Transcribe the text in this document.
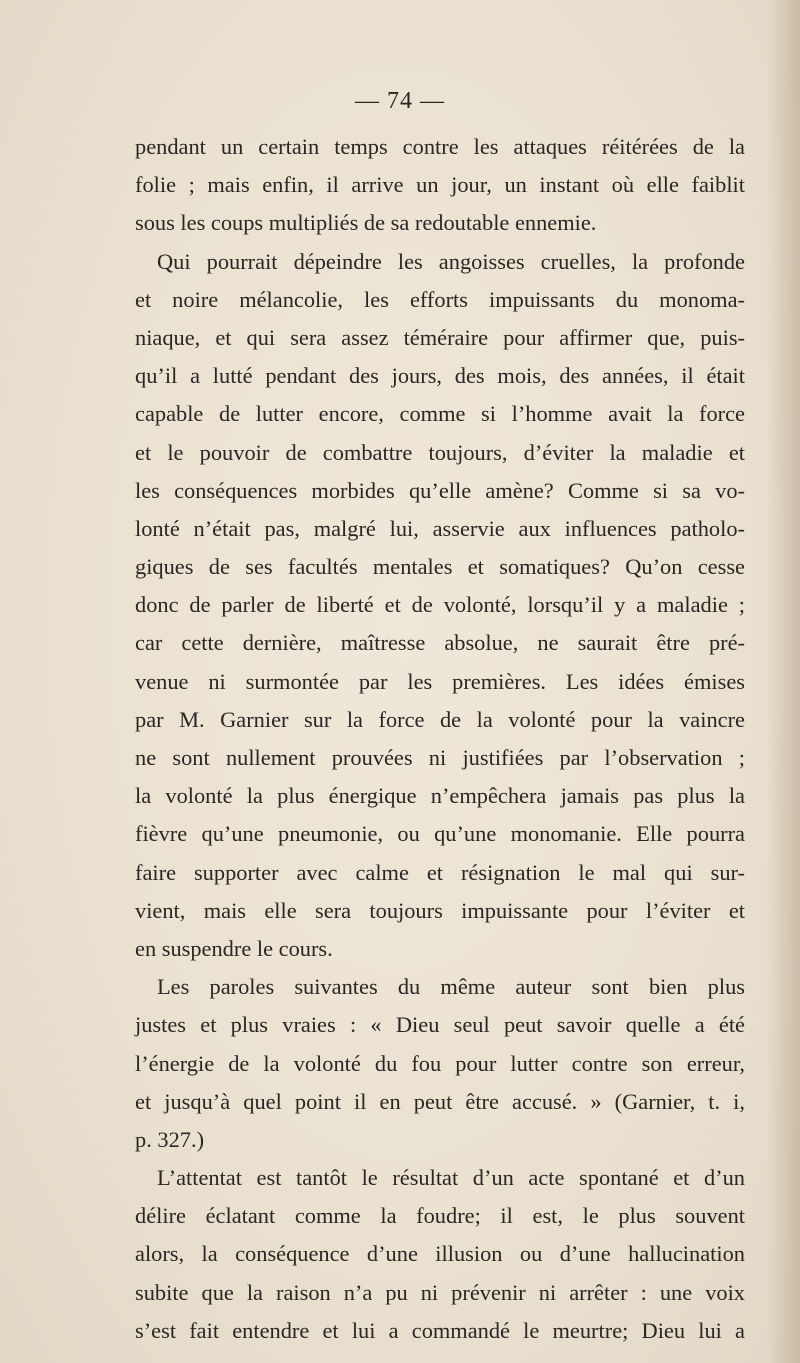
— 74 —
pendant un certain temps contre les attaques réitérées de la
folie ; mais enfin, il arrive un jour, un instant où elle faiblit
sous les coups multipliés de sa redoutable ennemie.
Qui pourrait dépeindre les angoisses cruelles, la profonde
et noire mélancolie, les efforts impuissants du monoma-
niaque, et qui sera assez téméraire pour affirmer que, puis-
qu’il a lutté pendant des jours, des mois, des années, il était
capable de lutter encore, comme si l’homme avait la force
et le pouvoir de combattre toujours, d’éviter la maladie et
les conséquences morbides qu’elle amène? Comme si sa vo-
lonté n’était pas, malgré lui, asservie aux influences patholo-
giques de ses facultés mentales et somatiques? Qu’on cesse
donc de parler de liberté et de volonté, lorsqu’il y a maladie ;
car cette dernière, maîtresse absolue, ne saurait être pré-
venue ni surmontée par les premières. Les idées émises
par M. Garnier sur la force de la volonté pour la vaincre
ne sont nullement prouvées ni justifiées par l’observation ;
la volonté la plus énergique n’empêchera jamais pas plus la
fièvre qu’une pneumonie, ou qu’une monomanie. Elle pourra
faire supporter avec calme et résignation le mal qui sur-
vient, mais elle sera toujours impuissante pour l’éviter et
en suspendre le cours.
Les paroles suivantes du même auteur sont bien plus
justes et plus vraies : « Dieu seul peut savoir quelle a été
l’énergie de la volonté du fou pour lutter contre son erreur,
et jusqu’à quel point il en peut être accusé. » (Garnier, t. i,
p. 327.)
L’attentat est tantôt le résultat d’un acte spontané et d’un
délire éclatant comme la foudre; il est, le plus souvent
alors, la conséquence d’une illusion ou d’une hallucination
subite que la raison n’a pu ni prévenir ni arrêter : une voix
s’est fait entendre et lui a commandé le meurtre; Dieu lui a
